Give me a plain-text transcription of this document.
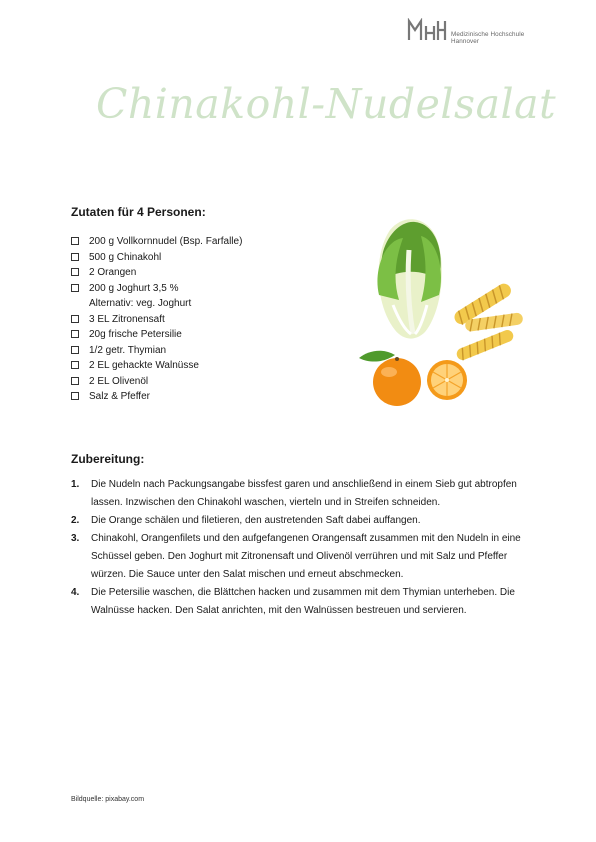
Medizinische Hochschule
Hannover
Chinakohl-Nudelsalat
Zutaten für 4 Personen:
200 g Vollkornnudel (Bsp. Farfalle)
500 g Chinakohl
2 Orangen
200 g Joghurt 3,5 %
Alternativ: veg. Joghurt
3 EL Zitronensaft
20g frische Petersilie
1/2 getr. Thymian
2 EL gehackte Walnüsse
2 EL Olivenöl
Salz & Pfeffer
Zubereitung:
1. Die Nudeln nach Packungsangabe bissfest garen und anschließend in einem Sieb gut abtropfen lassen. Inzwischen den Chinakohl waschen, vierteln und in Streifen schneiden.
2. Die Orange schälen und filetieren, den austretenden Saft dabei auffangen.
3. Chinakohl, Orangenfilets und den aufgefangenen Orangensaft zusammen mit den Nudeln in eine Schüssel geben. Den Joghurt mit Zitronensaft und Olivenöl verrühren und mit Salz und Pfeffer würzen. Die Sauce unter den Salat mischen und erneut abschmecken.
4. Die Petersilie waschen, die Blättchen hacken und zusammen mit dem Thymian unterheben. Die Walnüsse hacken. Den Salat anrichten, mit den Walnüssen bestreuen und servieren.
Bildquelle: pixabay.com
